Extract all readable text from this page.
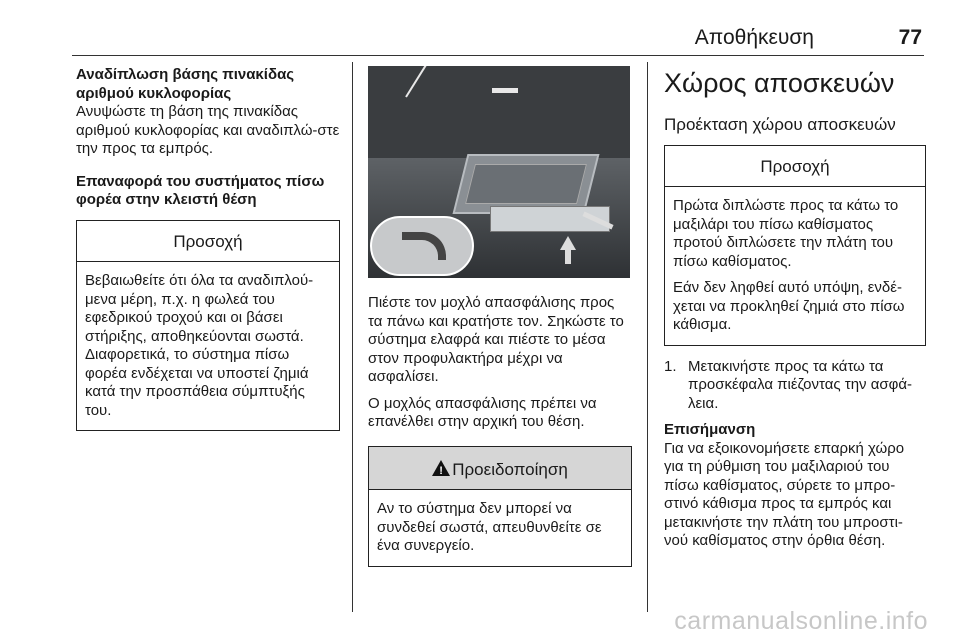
Αποθήκευση	77
Αναδίπλωση βάσης πινακίδας αριθμού κυκλοφορίας
Ανυψώστε τη βάση της πινακίδας αριθμού κυκλοφορίας και αναδιπλώ-στε την προς τα εμπρός.
Επαναφορά του συστήματος πίσω φορέα στην κλειστή θέση
Προσοχή
Βεβαιωθείτε ότι όλα τα αναδιπλού-μενα μέρη, π.χ. η φωλεά του εφεδρικού τροχού και οι βάσει στήριξης, αποθηκεύονται σωστά. Διαφορετικά, το σύστημα πίσω φορέα ενδέχεται να υποστεί ζημιά κατά την προσπάθεια σύμπτυξής του.
Πιέστε τον μοχλό απασφάλισης προς τα πάνω και κρατήστε τον. Σηκώστε το σύστημα ελαφρά και πιέστε το μέσα στον προφυλακτήρα μέχρι να ασφαλίσει.
Ο μοχλός απασφάλισης πρέπει να επανέλθει στην αρχική του θέση.
!Προειδοποίηση
Αν το σύστημα δεν μπορεί να συνδεθεί σωστά, απευθυνθείτε σε ένα συνεργείο.
Χώρος αποσκευών
Προέκταση χώρου αποσκευών
Προσοχή
Πρώτα διπλώστε προς τα κάτω το μαξιλάρι του πίσω καθίσματος προτού διπλώσετε την πλάτη του πίσω καθίσματος.
Εάν δεν ληφθεί αυτό υπόψη, ενδέ-χεται να προκληθεί ζημιά στο πίσω κάθισμα.
1. Μετακινήστε προς τα κάτω τα προσκέφαλα πιέζοντας την ασφά-λεια.
Επισήμανση
Για να εξοικονομήσετε επαρκή χώρο για τη ρύθμιση του μαξιλαριού του πίσω καθίσματος, σύρετε το μπρο-στινό κάθισμα προς τα εμπρός και μετακινήστε την πλάτη του μπροστι-νού καθίσματος στην όρθια θέση.
carmanualsonline.info
